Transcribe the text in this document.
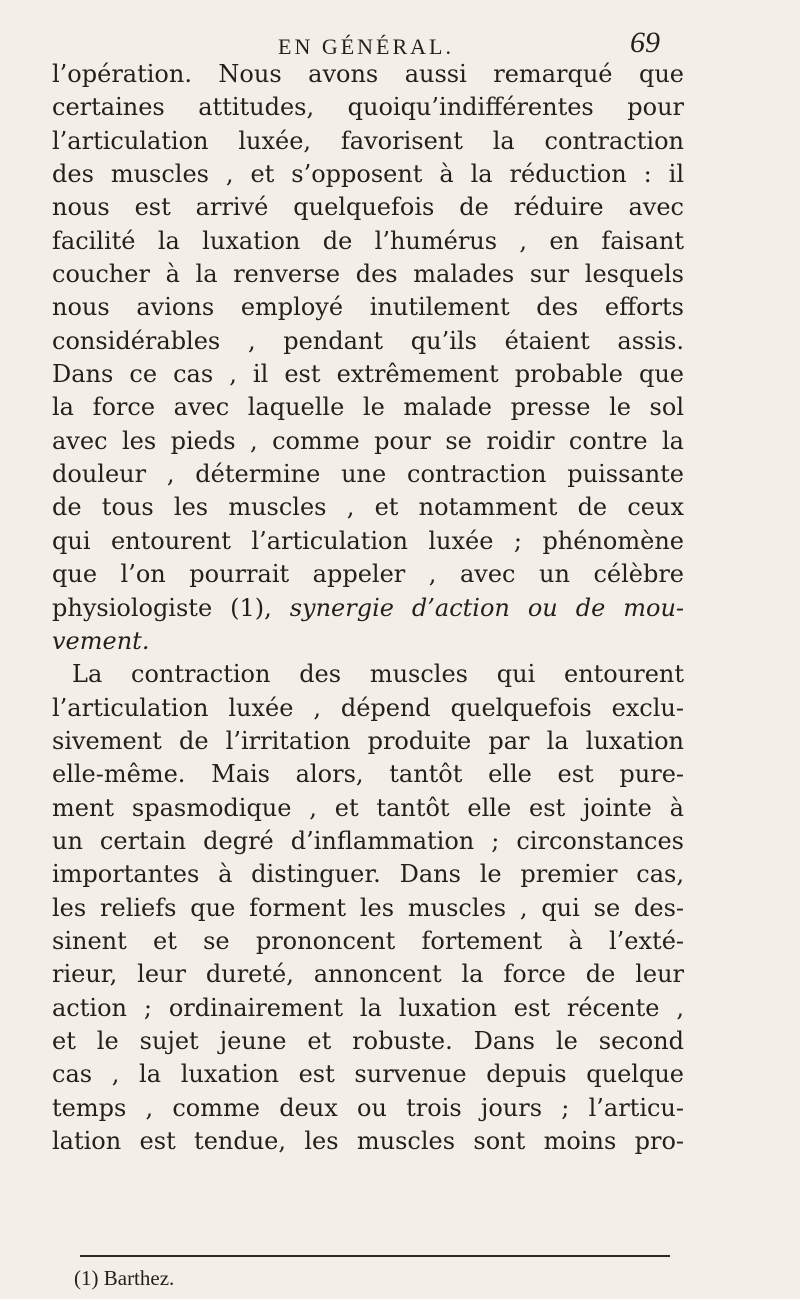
EN GÉNÉRAL.	69
l’opération. Nous avons aussi remarqué que
certaines attitudes, quoiqu’indifférentes pour
l’articulation luxée, favorisent la contraction
des muscles , et s’opposent à la réduction : il
nous est arrivé quelquefois de réduire avec
facilité la luxation de l’humérus , en faisant
coucher à la renverse des malades sur lesquels
nous avions employé inutilement des efforts
considérables , pendant qu’ils étaient assis.
Dans ce cas , il est extrêmement probable que
la force avec laquelle le malade presse le sol
avec les pieds , comme pour se roidir contre la
douleur , détermine une contraction puissante
de tous les muscles , et notamment de ceux
qui entourent l’articulation luxée ; phénomène
que l’on pourrait appeler , avec un célèbre
physiologiste (1), synergie d’action ou de mou-
vement.
La contraction des muscles qui entourent
l’articulation luxée , dépend quelquefois exclu-
sivement de l’irritation produite par la luxation
elle-même. Mais alors, tantôt elle est pure-
ment spasmodique , et tantôt elle est jointe à
un certain degré d’inflammation ; circonstances
importantes à distinguer. Dans le premier cas,
les reliefs que forment les muscles , qui se des-
sinent et se prononcent fortement à l’exté-
rieur, leur dureté, annoncent la force de leur
action ; ordinairement la luxation est récente ,
et le sujet jeune et robuste. Dans le second
cas , la luxation est survenue depuis quelque
temps , comme deux ou trois jours ; l’articu-
lation est tendue, les muscles sont moins pro-
(1) Barthez.
